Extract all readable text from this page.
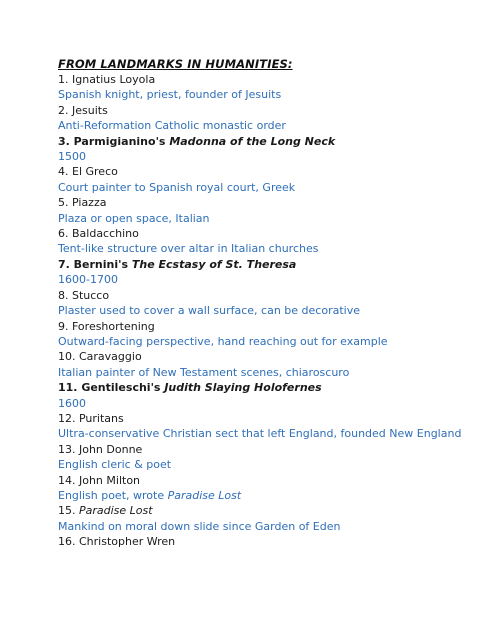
FROM LANDMARKS IN HUMANITIES:
1. Ignatius Loyola
Spanish knight, priest, founder of Jesuits
2. Jesuits
Anti-Reformation Catholic monastic order
3. Parmigianino's Madonna of the Long Neck
1500
4. El Greco
Court painter to Spanish royal court, Greek
5. Piazza
Plaza or open space, Italian
6. Baldacchino
Tent-like structure over altar in Italian churches
7. Bernini's The Ecstasy of St. Theresa
1600-1700
8. Stucco
Plaster used to cover a wall surface, can be decorative
9. Foreshortening
Outward-facing perspective, hand reaching out for example
10. Caravaggio
Italian painter of New Testament scenes, chiaroscuro
11. Gentileschi's Judith Slaying Holofernes
1600
12. Puritans
Ultra-conservative Christian sect that left England, founded New England
13. John Donne
English cleric & poet
14. John Milton
English poet, wrote Paradise Lost
15. Paradise Lost
Mankind on moral down slide since Garden of Eden
16. Christopher Wren
